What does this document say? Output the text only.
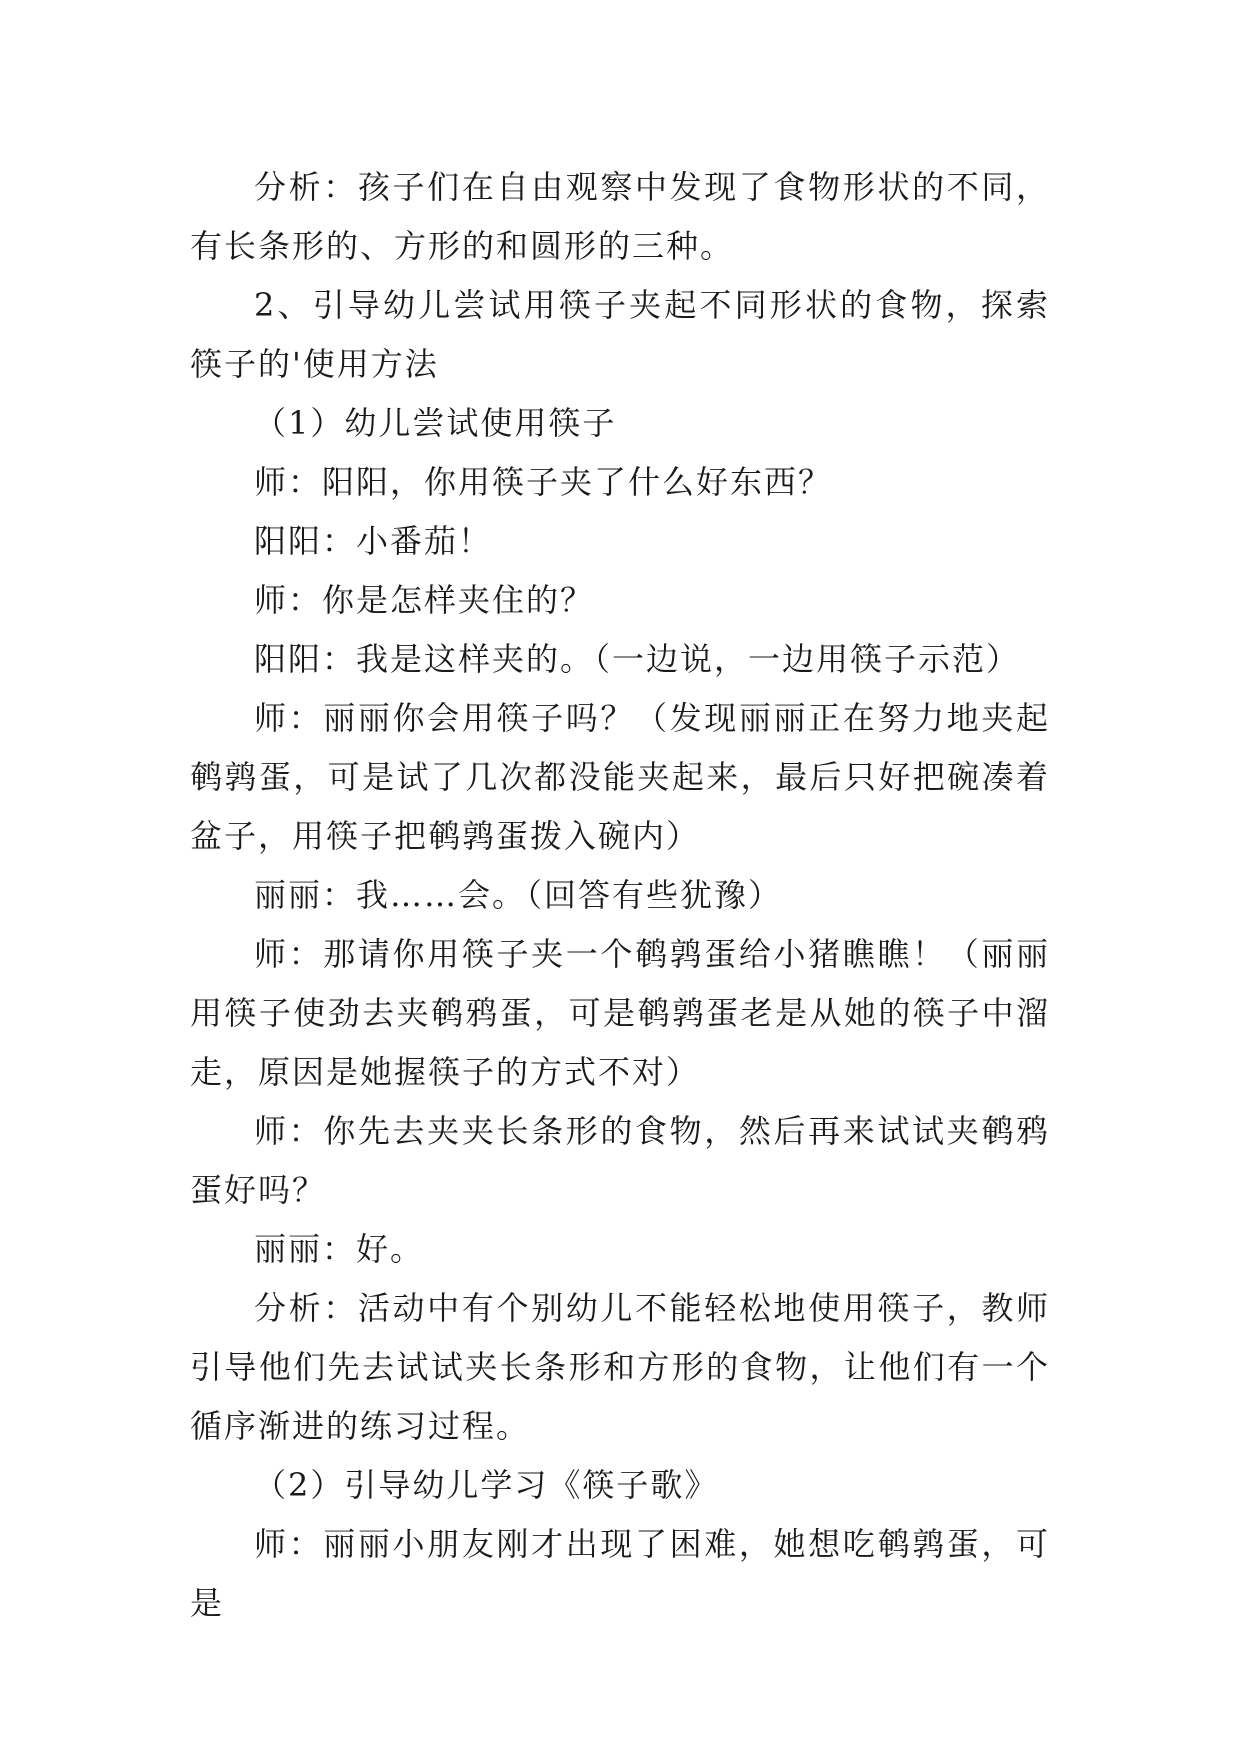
分析：孩子们在自由观察中发现了食物形状的不同，有长条形的、方形的和圆形的三种。

2、引导幼儿尝试用筷子夹起不同形状的食物，探索筷子的'使用方法

（1）幼儿尝试使用筷子

师：阳阳，你用筷子夹了什么好东西？

阳阳：小番茄！

师：你是怎样夹住的？

阳阳：我是这样夹的。（一边说，一边用筷子示范）

师：丽丽你会用筷子吗？（发现丽丽正在努力地夹起鹌鹑蛋，可是试了几次都没能夹起来，最后只好把碗凑着盆子，用筷子把鹌鹑蛋拨入碗内）

丽丽：我……会。（回答有些犹豫）

师：那请你用筷子夹一个鹌鹑蛋给小猪瞧瞧！（丽丽用筷子使劲去夹鹌鸦蛋，可是鹌鹑蛋老是从她的筷子中溜走，原因是她握筷子的方式不对）

师：你先去夹夹长条形的食物，然后再来试试夹鹌鸦蛋好吗？

丽丽：好。

分析：活动中有个别幼儿不能轻松地使用筷子，教师引导他们先去试试夹长条形和方形的食物，让他们有一个循序渐进的练习过程。

（2）引导幼儿学习《筷子歌》

师：丽丽小朋友刚才出现了困难，她想吃鹌鹑蛋，可是
